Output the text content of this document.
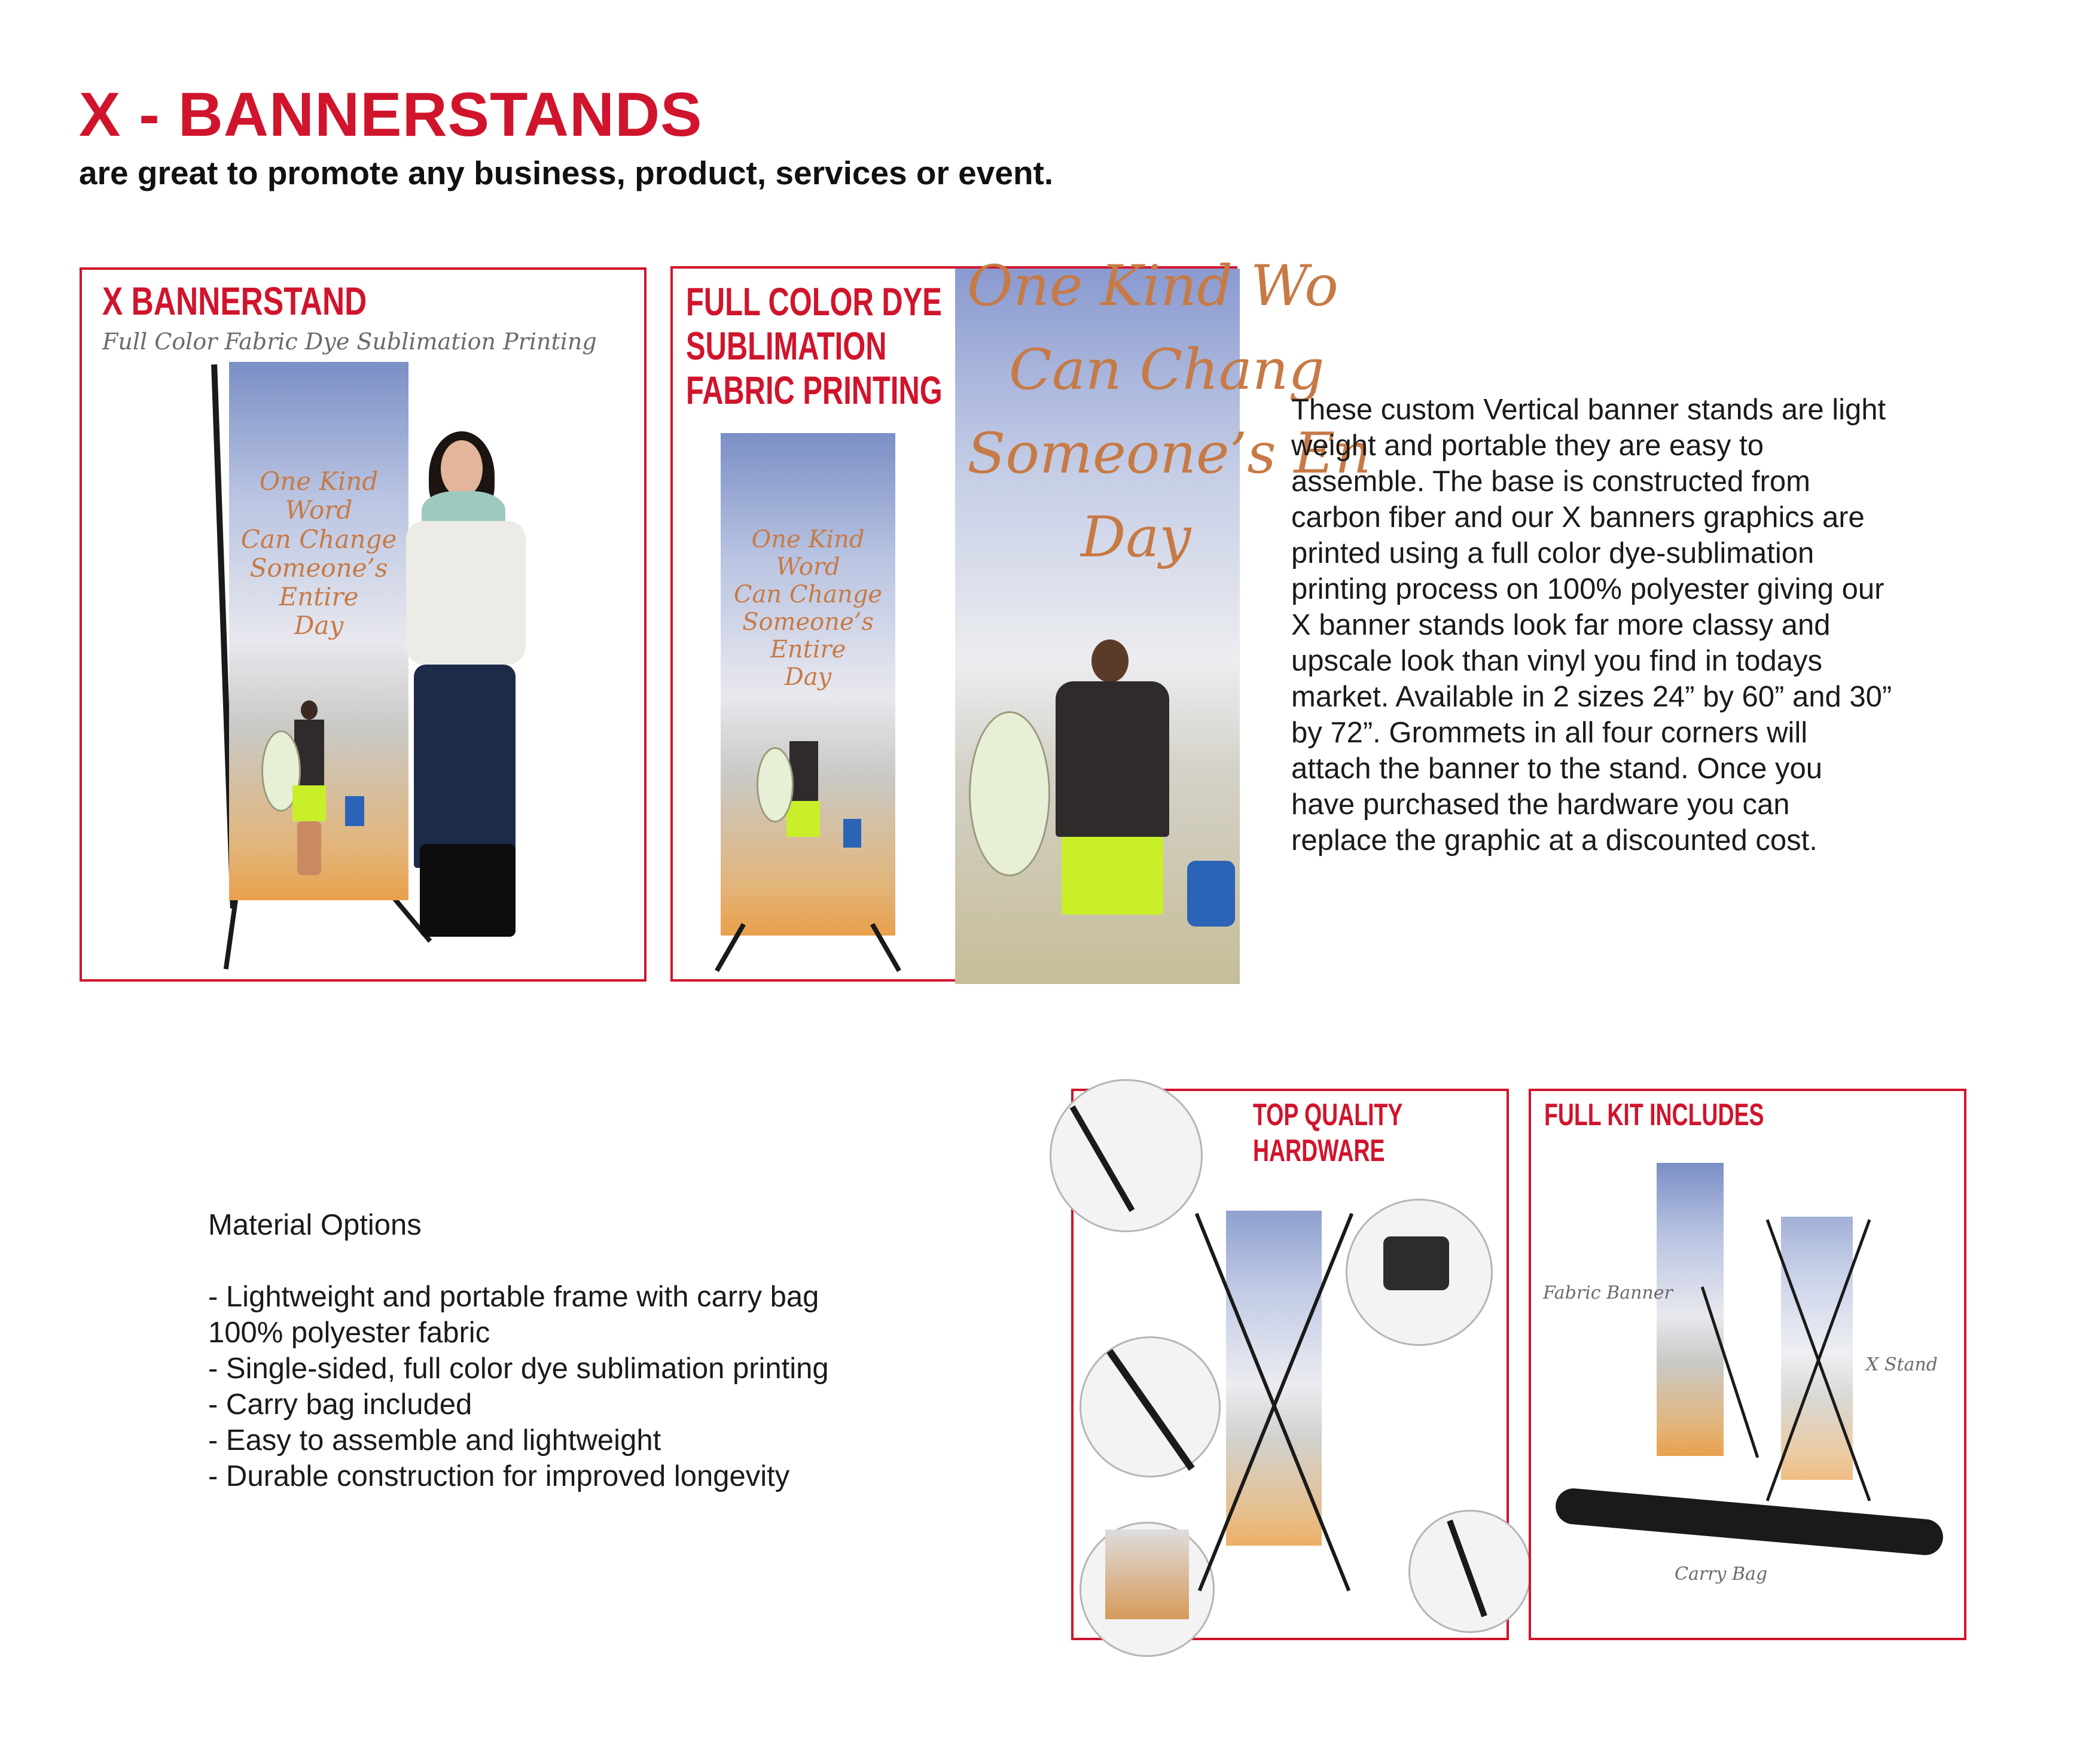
X - BANNERSTANDS
are great to promote any business, product, services or event.
X BANNERSTAND
Full Color Fabric Dye Sublimation Printing
One Kind Word
Can Change
Someone’s Entire
Day
FULL COLOR DYE
SUBLIMATION
FABRIC PRINTING
One Kind Word
Can Change
Someone’s Entire
Day
One Kind Wo
Can Chang
Someone’s En
Day
These custom Vertical banner stands are light
weight and portable they are easy to
assemble. The base is constructed from
carbon fiber and our X banners graphics are
printed using a full color dye-sublimation
printing process on 100% polyester giving our
X banner stands look far more classy and
upscale look than vinyl you find in todays
market. Available in 2 sizes 24” by 60” and 30”
by 72”. Grommets in all four corners will
attach the banner to the stand. Once you
have purchased the hardware you can
replace the graphic at a discounted cost.
Material Options
- Lightweight and portable frame with carry bag
100% polyester fabric
- Single-sided, full color dye sublimation printing
- Carry bag included
- Easy to assemble and lightweight
- Durable construction for improved longevity
TOP QUALITY HARDWARE
FULL KIT INCLUDES
Fabric Banner
X Stand
Carry Bag
